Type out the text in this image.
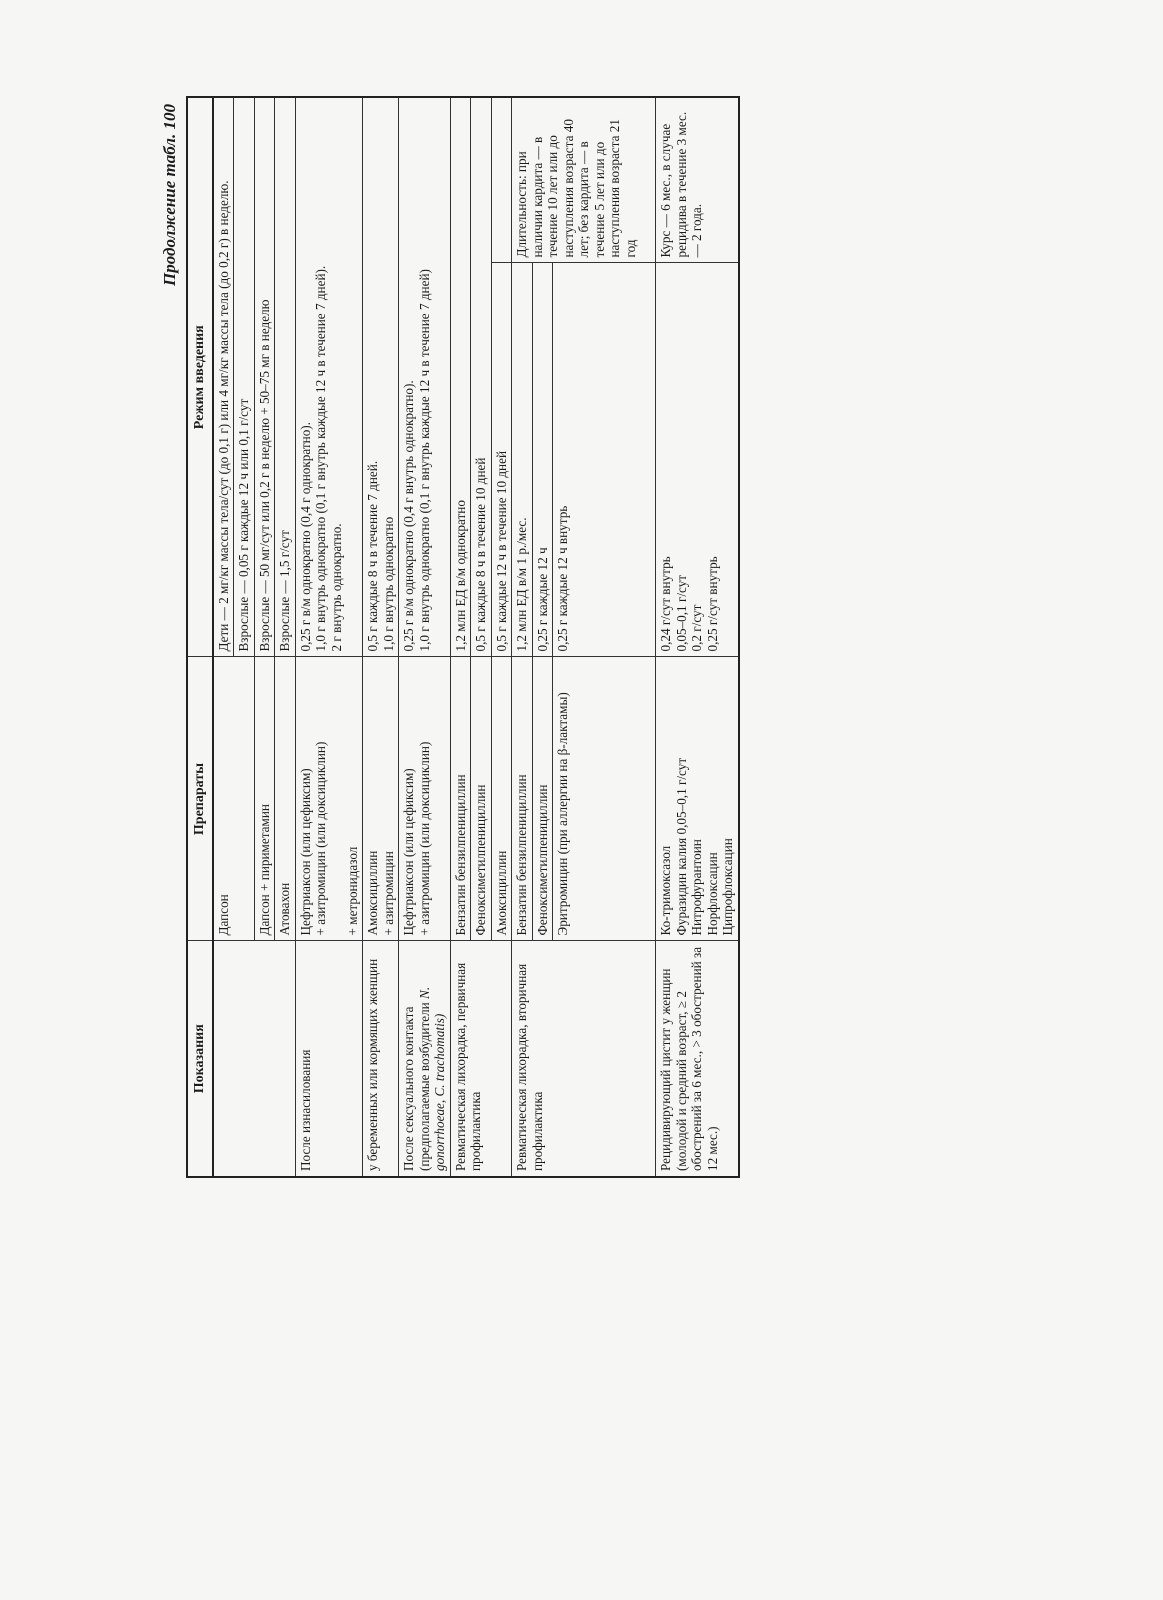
Продолжение табл. 100
Показания	Препараты	Режим введения	
	Дапсон	Дети — 2 мг/кг массы тела/сут (до 0,1 г) или 4 мг/кг массы тела (до 0,2 г) в неделю.	
		Взрослые — 0,05 г каждые 12 ч или 0,1 г/сут	
	Дапсон + пириметамин	Взрослые — 50 мг/сут или 0,2 г в неделю + 50–75 мг в неделю	
	Атовахон	Взрослые — 1,5 г/сут	
После изнасилования	Цефтриаксон (или цефиксим) + азитромицин (или доксициклин) + метронидазол	0,25 г в/м однократно (0,4 г однократно). 1,0 г внутрь однократно (0,1 г внутрь каждые 12 ч в течение 7 дней). 2 г внутрь однократно.	

у беременных или кормящих женщин	Амоксициллин + азитромицин	0,5 г каждые 8 ч в течение 7 дней. 1,0 г внутрь однократно	

После сексуального контакта (предполагаемые возбудители N. gonorrhoeae, C. trachomatis)	Цефтриаксон (или цефиксим) + азитромицин (или доксициклин)	0,25 г в/м однократно (0,4 г внутрь однократно). 1,0 г внутрь однократно (0,1 г внутрь каждые 12 ч в течение 7 дней)	

Ревматическая лихорадка, первичная профилактика	Бензатин бензилпенициллин	1,2 млн ЕД в/м однократно	
	Феноксиметилпенициллин	0,5 г каждые 8 ч в течение 10 дней	
	Амоксициллин	0,5 г каждые 12 ч в течение 10 дней	
Ревматическая лихорадка, вторичная профилактика	Бензатин бензилпенициллин	1,2 млн ЕД в/м 1 р./мес.	Длительность: при наличии кардита — в течение 10 лет или до наступления возраста 40 лет; без кардита — в течение 5 лет или до наступления возраста 21 год
	Феноксиметилпенициллин	0,25 г каждые 12 ч	
	Эритромицин (при аллергии на β-лактамы)	0,25 г каждые 12 ч внутрь	
Рецидивирующий цистит у женщин (молодой и средний возраст, ≥ 2 обострений за 6 мес., > 3 обострений за 12 мес.)	Ко-тримоксазол Фуразидин калия 0,05–0,1 г/сут Нитрофурантоин Норфлоксацин Ципрофлоксацин	0,24 г/сут внутрь 0,05–0,1 г/сут 0,2 г/сут 0,25 г/сут внутрь	Курс — 6 мес., в случае рецидива в течение 3 мес. — 2 года.
